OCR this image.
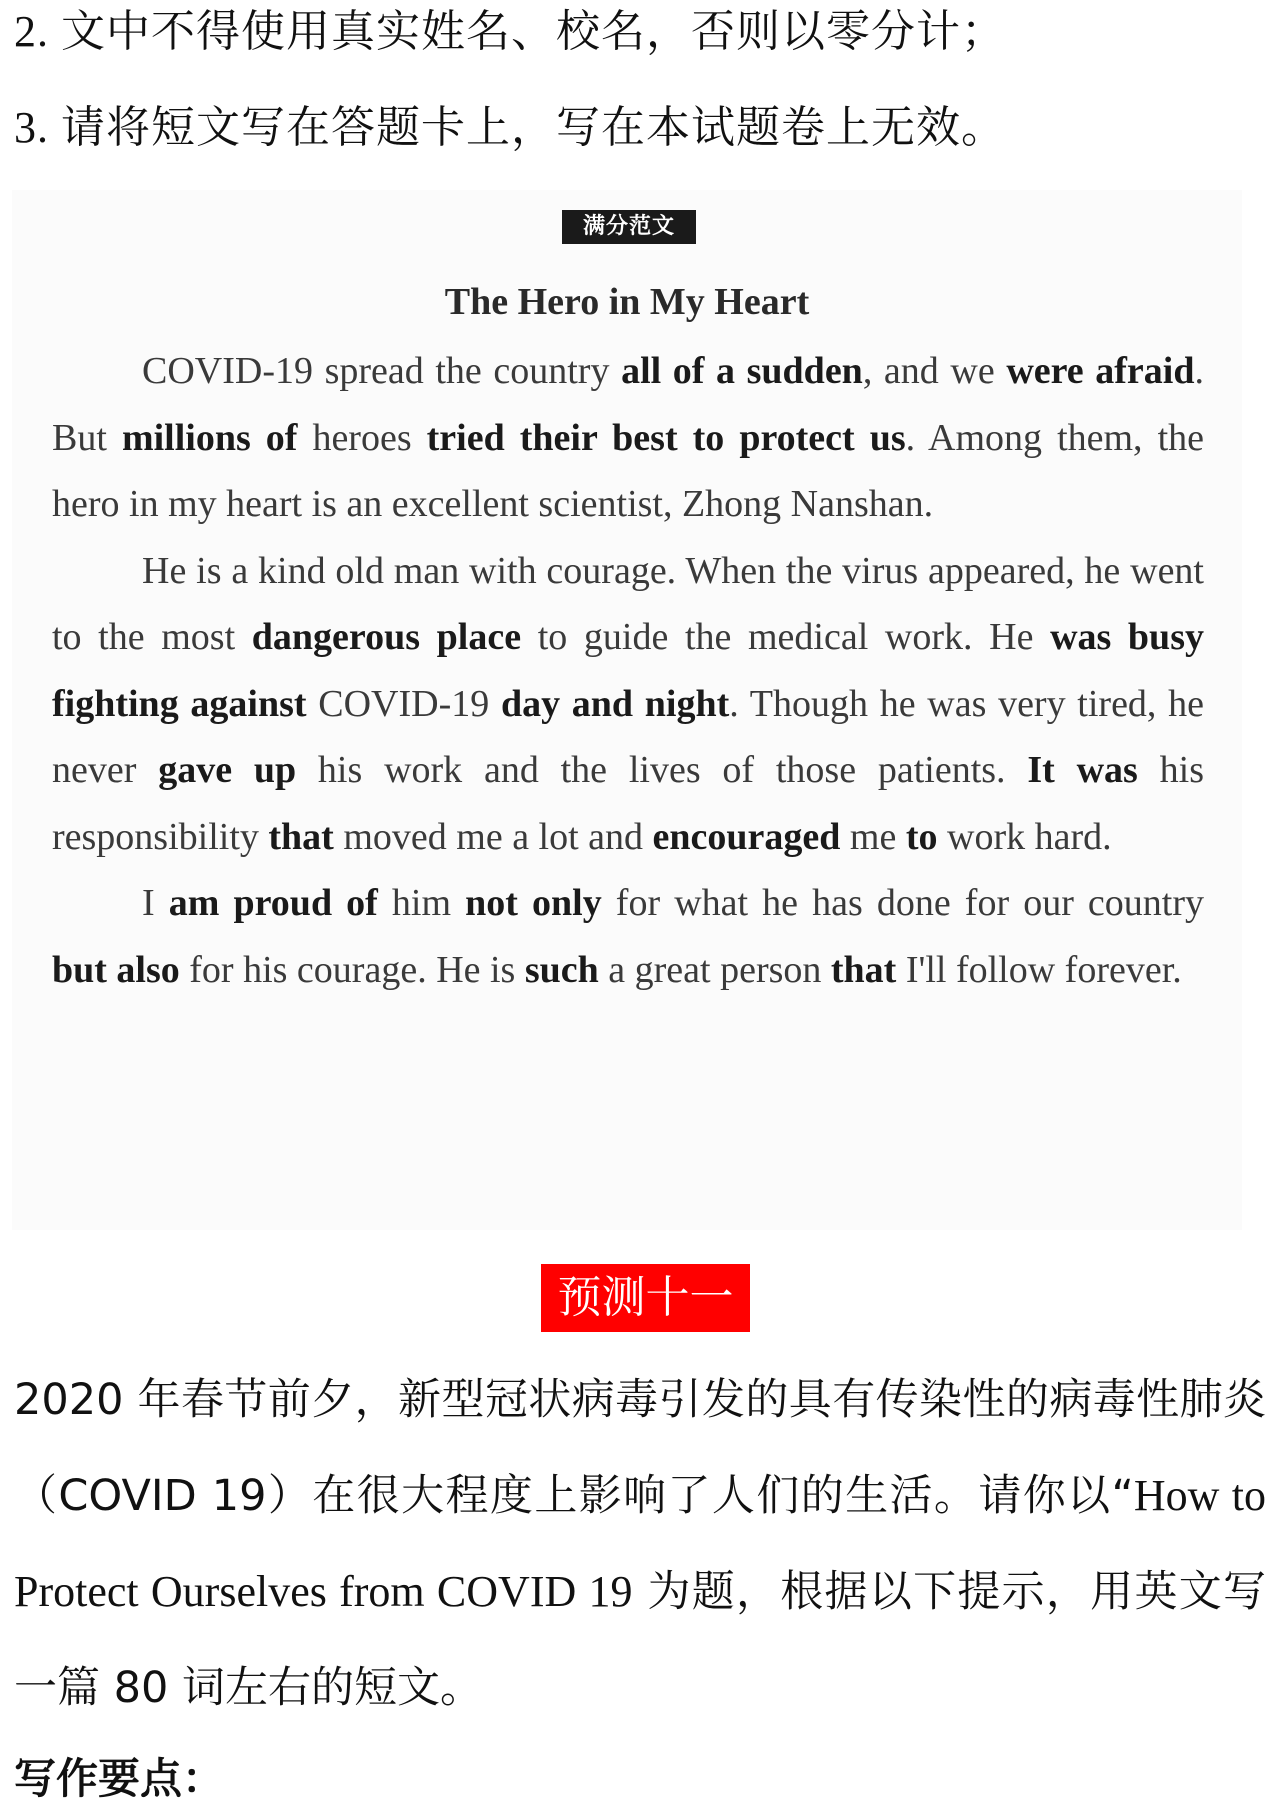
2. 文中不得使用真实姓名、校名，否则以零分计；
3. 请将短文写在答题卡上，写在本试题卷上无效。
满分范文
The Hero in My Heart

COVID-19 spread the country all of a sudden, and we were afraid. But millions of heroes tried their best to protect us. Among them, the hero in my heart is an excellent scientist, Zhong Nanshan.

He is a kind old man with courage. When the virus appeared, he went to the most dangerous place to guide the medical work. He was busy fighting against COVID-19 day and night. Though he was very tired, he never gave up his work and the lives of those patients. It was his responsibility that moved me a lot and encouraged me to work hard.

I am proud of him not only for what he has done for our country but also for his courage. He is such a great person that I'll follow forever.

预测十一
2020 年春节前夕，新型冠状病毒引发的具有传染性的病毒性肺炎（COVID 19）在很大程度上影响了人们的生活。请你以“How to Protect Ourselves from COVID 19 为题，根据以下提示，用英文写一篇 80 词左右的短文。
写作要点：
